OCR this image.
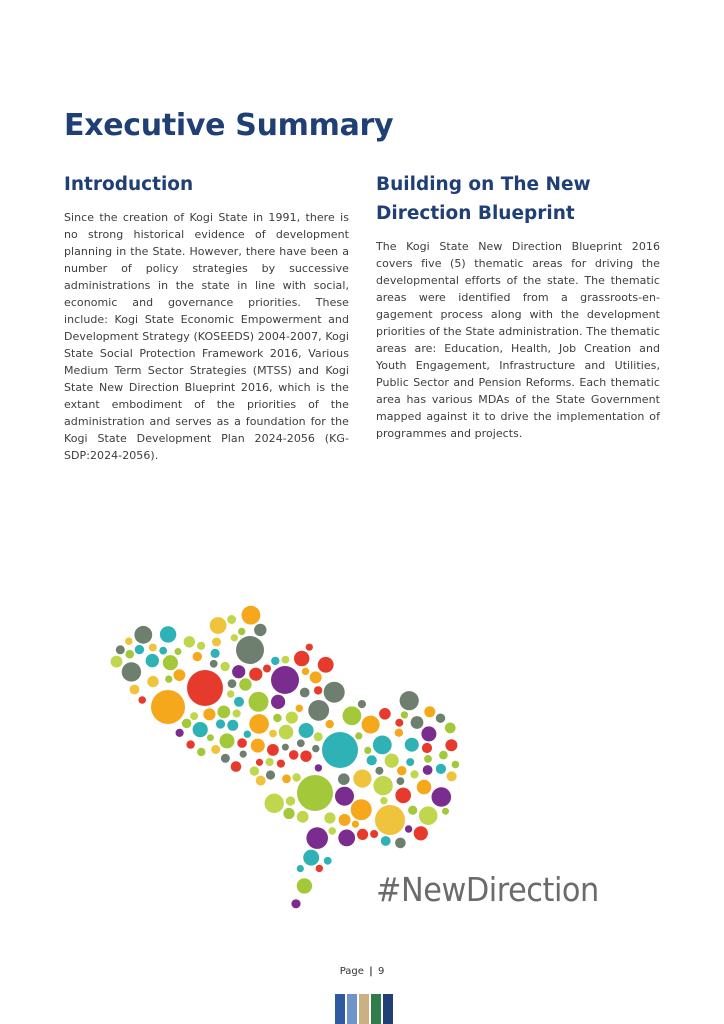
Executive Summary
Introduction

Since the creation of Kogi State in 1991, there is no strong historical evidence of development planning in the State. However, there have been a number of policy strategies by successive administrations in the state in line with social, economic and governance priorities. These include: Kogi State Economic Empowerment and Development Strategy (KOSEEDS) 2004-2007, Kogi State Social Protection Framework 2016, Various Medium Term Sector Strategies (MTSS) and Kogi State New Direction Blueprint 2016, which is the extant embodiment of the priorities of the administration and serves as a foundation for the Kogi State Development Plan 2024-2056 (KG-SDP:2024-2056).

Building on The New Direction Blueprint

The Kogi State New Direction Blueprint 2016 covers five (5) thematic areas for driving the developmental efforts of the state. The thematic areas were identified from a grassroots-engagement process along with the development priorities of the State administration. The thematic areas are: Education, Health, Job Creation and Youth Engagement, Infrastructure and Utilities, Public Sector and Pension Reforms. Each thematic area has various MDAs of the State Government mapped against it to drive the implementation of programmes and projects.

#NewDirection
Page | 9
